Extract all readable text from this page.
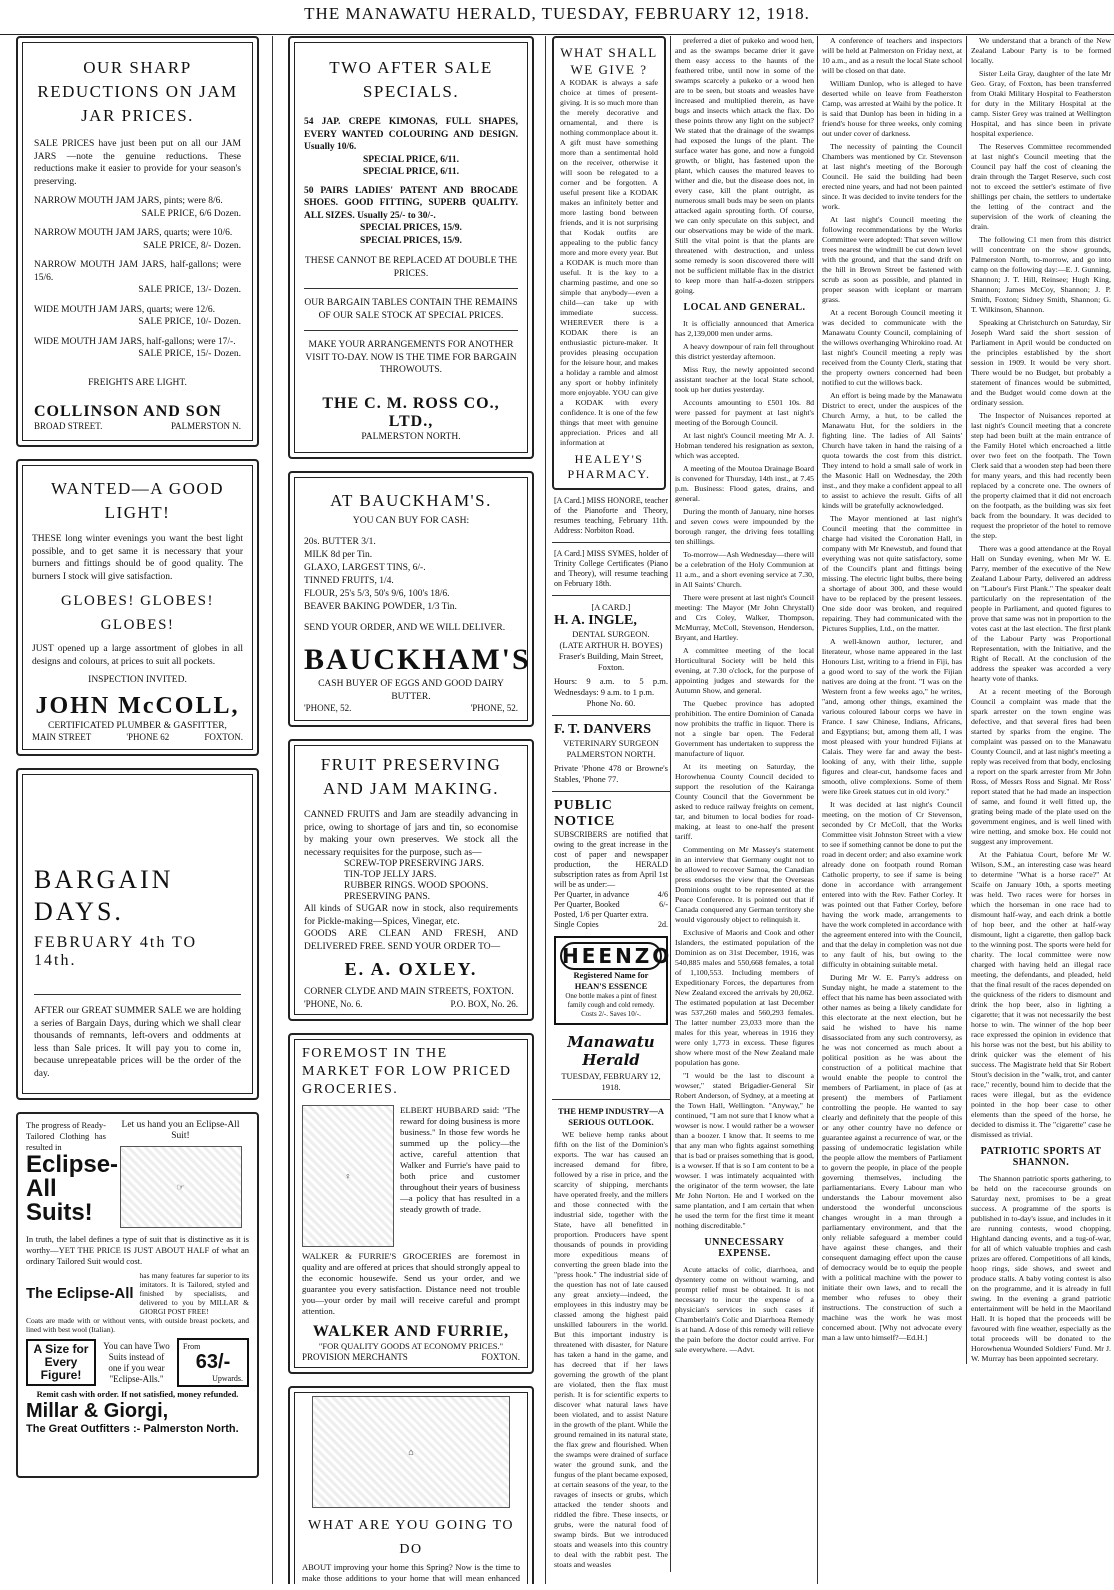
THE MANAWATU HERALD, TUESDAY, FEBRUARY 12, 1918.
OUR SHARP REDUCTIONS ON JAM JAR PRICES.
SALE PRICES have just been put on all our JAM JARS —note the genuine reductions. These reductions make it easier to provide for your season's preserving.
NARROW MOUTH JAM JARS, pints; were 8/6.
SALE PRICE, 6/6 Dozen.
NARROW MOUTH JAM JARS, quarts; were 10/6.
SALE PRICE, 8/- Dozen.
NARROW MOUTH JAM JARS, half-gallons; were 15/6.
SALE PRICE, 13/- Dozen.
WIDE MOUTH JAM JARS, quarts; were 12/6.
SALE PRICE, 10/- Dozen.
WIDE MOUTH JAM JARS, half-gallons; were 17/-.
SALE PRICE, 15/- Dozen.
FREIGHTS ARE LIGHT.
COLLINSON AND SON
BROAD STREET.	PALMERSTON N.
WANTED—A GOOD LIGHT!
THESE long winter evenings you want the best light possible, and to get same it is necessary that your burners and fittings should be of good quality. The burners I stock will give satisfaction.
GLOBES! GLOBES! GLOBES!
JUST opened up a large assortment of globes in all designs and colours, at prices to suit all pockets.
INSPECTION INVITED.
JOHN McCOLL,
CERTIFICATED PLUMBER & GASFITTER,
MAIN STREET	'PHONE 62	FOXTON.
BARGAIN DAYS.
FEBRUARY 4th TO 14th.
AFTER our GREAT SUMMER SALE we are holding a series of Bargain Days, during which we shall clear thousands of remnants, left-overs and oddments at less than Sale prices. It will pay you to come in, because unrepeatable prices will be the order of the day.
The progress of Ready-Tailored Clothing has resulted in
Eclipse-All Suits!
Let us hand you an Eclipse-All Suit!
☞
In truth, the label defines a type of suit that is distinctive as it is worthy—YET THE PRICE IS JUST ABOUT HALF of what an ordinary Tailored Suit would cost.
The Eclipse-All
has many features far superior to its imitators. It is Tailored, styled and finished by specialists, and delivered to you by MILLAR & GIORGI POST FREE!
Coats are made with or without vents, with outside breast pockets, and lined with best wool (Italian).
A Size for Every Figure!
You can have Two Suits instead of one if you wear "Eclipse-Alls."
From
63/-
Upwards.
Remit cash with order. If not satisfied, money refunded.
Millar & Giorgi,
The Great Outfitters :- Palmerston North.
TWO AFTER SALE SPECIALS.
54 JAP. CREPE KIMONAS, FULL SHAPES, EVERY WANTED COLOURING AND DESIGN. Usually 10/6.
SPECIAL PRICE, 6/11.
SPECIAL PRICE, 6/11.
50 PAIRS LADIES' PATENT AND BROCADE SHOES. GOOD FITTING, SUPERB QUALITY. ALL SIZES. Usually 25/- to 30/-.
SPECIAL PRICES, 15/9.
SPECIAL PRICES, 15/9.
THESE CANNOT BE REPLACED AT DOUBLE THE PRICES.
OUR BARGAIN TABLES CONTAIN THE REMAINS OF OUR SALE STOCK AT SPECIAL PRICES.
MAKE YOUR ARRANGEMENTS FOR ANOTHER VISIT TO-DAY. NOW IS THE TIME FOR BARGAIN THROWOUTS.
THE C. M. ROSS CO., LTD.,
PALMERSTON NORTH.
AT BAUCKHAM'S.
YOU CAN BUY FOR CASH:
20s. BUTTER 3/1.
MILK 8d per Tin.
GLAXO, LARGEST TINS, 6/-.
TINNED FRUITS, 1/4.
FLOUR, 25's 5/3, 50's 9/6, 100's 18/6.
BEAVER BAKING POWDER, 1/3 Tin.
SEND YOUR ORDER, AND WE WILL DELIVER.
BAUCKHAM'S
CASH BUYER OF EGGS AND GOOD DAIRY BUTTER.
'PHONE, 52.	'PHONE, 52.
FRUIT PRESERVING AND JAM MAKING.
CANNED FRUITS and Jam are steadily advancing in price, owing to shortage of jars and tin, so economise by making your own preserves. We stock all the necessary requisites for the purpose, such as—
SCREW-TOP PRESERVING JARS.
TIN-TOP JELLY JARS.
RUBBER RINGS. WOOD SPOONS.
PRESERVING PANS.
All kinds of SUGAR now in stock, also requirements for Pickle-making—Spices, Vinegar, etc.
GOODS ARE CLEAN AND FRESH, AND DELIVERED FREE. SEND YOUR ORDER TO—
E. A. OXLEY.
CORNER CLYDE AND MAIN STREETS, FOXTON.
'PHONE, No. 6.	P.O. BOX, No. 26.
FOREMOST IN THE MARKET FOR LOW PRICED GROCERIES.
♀
ELBERT HUBBARD said: "The reward for doing business is more business." In those few words he summed up the policy—the active, careful attention that Walker and Furrie's have paid to both price and customer throughout their years of business—a policy that has resulted in a steady growth of trade.
WALKER & FURRIE'S GROCERIES are foremost in quality and are offered at prices that should strongly appeal to the economic housewife. Send us your order, and we guarantee you every satisfaction. Distance need not trouble you—your order by mail will receive careful and prompt attention.
WALKER AND FURRIE,
"FOR QUALITY GOODS AT ECONOMY PRICES."
PROVISION MERCHANTS	FOXTON.
⌂
WHAT ARE YOU GOING TO DO
ABOUT improving your home this Spring? Now is the time to make those additions to your home that will mean enhanced
WHAT SHALL WE GIVE ?
A KODAK is always a safe choice at times of present-giving. It is so much more than the merely decorative and ornamental, and there is nothing commonplace about it. A gift must have something more than a sentimental hold on the receiver, otherwise it will soon be relegated to a corner and be forgotten. A useful present like a KODAK makes an infinitely better and more lasting bond between friends, and it is not surprising that Kodak outfits are appealing to the public fancy more and more every year. But a KODAK is much more than useful. It is the key to a charming pastime, and one so simple that anybody—even a child—can take up with immediate success. WHEREVER there is a KODAK there is an enthusiastic picture-maker. It provides pleasing occupation for the leisure hour, and makes a holiday a ramble and almost any sport or hobby infinitely more enjoyable. YOU can give a KODAK with every confidence. It is one of the few things that meet with genuine appreciation. Prices and all information at
HEALEY'S PHARMACY.
[A Card.] MISS HONORE, teacher of the Pianoforte and Theory, resumes teaching, February 11th. Address: Norbiton Road.
[A Card.] MISS SYMES, holder of Trinity College Certificates (Piano and Theory), will resume teaching on February 18th.
[A CARD.]
H. A. INGLE,
DENTAL SURGEON.
(LATE ARTHUR H. BOYES)
Fraser's Building, Main Street, Foxton.
Hours: 9 a.m. to 5 p.m. Wednesdays: 9 a.m. to 1 p.m.
Phone No. 60.
F. T. DANVERS
VETERINARY SURGEON
PALMERSTON NORTH.
Private 'Phone 478 or Browne's Stables, 'Phone 77.
PUBLIC NOTICE
SUBSCRIBERS are notified that owing to the great increase in the cost of paper and newspaper production, the HERALD subscription rates as from April 1st will be as under:—
Per Quarter, in advance	4/6
Per Quarter, Booked	6/-
Posted, 1/6 per Quarter extra.
Single Copies	2d.
HEENZO
Registered Name for HEAN'S ESSENCE
One bottle makes a pint of finest family cough and cold remedy. Costs 2/-. Saves 10/-.
Manawatu Herald
TUESDAY, FEBRUARY 12, 1918.
THE HEMP INDUSTRY—A SERIOUS OUTLOOK.
WE believe hemp ranks about fifth on the list of the Dominion's exports. The war has caused an increased demand for fibre, followed by a rise in price, and the scarcity of shipping, merchants have operated freely, and the millers and those connected with the industrial side, together with the State, have all benefitted in proportion. Producers have spent thousands of pounds in providing more expeditious means of converting the green blade into the "press hook." The industrial side of the question has not of late caused any great anxiety—indeed, the employees in this industry may be classed among the highest paid unskilled labourers in the world. But this important industry is threatened with disaster, for Nature has taken a hand in the game, and has decreed that if her laws governing the growth of the plant are violated, then the flax must perish. It is for scientific experts to discover what natural laws have been violated, and to assist Nature in the growth of the plant. While the ground remained in its natural state, the flax grew and flourished. When the swamps were drained of surface water the ground sunk, and the fungus of the plant became exposed, at certain seasons of the year, to the ravages of insects or grubs, which attacked the tender shoots and riddled the fibre. These insects, or grubs, were the natural food of swamp birds. But we introduced stoats and weasels into this country to deal with the rabbit pest. The stoats and weasles
preferred a diet of pukeko and wood hen, and as the swamps became drier it gave them easy access to the haunts of the feathered tribe, until now in some of the swamps scarcely a pukeko or a wood hen are to be seen, but stoats and weasles have increased and multiplied therein, as have bugs and insects which attack the flax. Do these points throw any light on the subject? We stated that the drainage of the swamps had exposed the lungs of the plant. The surface water has gone, and now a fungoid growth, or blight, has fastened upon the plant, which causes the matured leaves to wither and die, but the disease does not, in every case, kill the plant outright, as numerous small buds may be seen on plants attacked again sprouting forth. Of course, we can only speculate on this subject, and our observations may be wide of the mark. Still the vital point is that the plants are threatened with destruction, and unless some remedy is soon discovered there will not be sufficient millable flax in the district to keep more than half-a-dozen strippers going.
LOCAL AND GENERAL.
It is officially announced that America has 2,139,000 men under arms.
A heavy downpour of rain fell throughout this district yesterday afternoon.
Miss Ruy, the newly appointed second assistant teacher at the local State school, took up her duties yesterday.
Accounts amounting to £501 10s. 8d were passed for payment at last night's meeting of the Borough Council.
At last night's Council meeting Mr A. J. Hobman tendered his resignation as sexton, which was accepted.
A meeting of the Moutoa Drainage Board is convened for Thursday, 14th inst., at 7.45 p.m. Business: Flood gates, drains, and general.
During the month of January, nine horses and seven cows were impounded by the borough ranger, the driving fees totalling ten shillings.
To-morrow—Ash Wednesday—there will be a celebration of the Holy Communion at 11 a.m., and a short evening service at 7.30, in All Saints' Church.
There were present at last night's Council meeting: The Mayor (Mr John Chrystall) and Crs Coley, Walker, Thompson, McMurray, McColl, Stevenson, Henderson, Bryant, and Hartley.
A committee meeting of the local Horticultural Society will be held this evening, at 7.30 o'clock, for the purpose of appointing judges and stewards for the Autumn Show, and general.
The Quebec province has adopted prohibition. The entire Dominion of Canada now prohibits the traffic in liquor. There is not a single bar open. The Federal Government has undertaken to suppress the manufacture of liquor.
At its meeting on Saturday, the Horowhenua County Council decided to support the resolution of the Kairanga County Council that the Government be asked to reduce railway freights on cement, tar, and bitumen to local bodies for road-making, at least to one-half the present tariff.
Commenting on Mr Massey's statement in an interview that Germany ought not to be allowed to recover Samoa, the Canadian press endorses the view that the Overseas Dominions ought to be represented at the Peace Conference. It is pointed out that if Canada conquered any German territory she would vigorously object to relinquish it.
Exclusive of Maoris and Cook and other Islanders, the estimated population of the Dominion as on 31st December, 1916, was 540,885 males and 550,668 females, a total of 1,100,553. Including members of Expeditionary Forces, the departures from New Zealand exceed the arrivals by 20,062. The estimated population at last December was 537,260 males and 560,293 females. The latter number 23,033 more than the males for this year, whereas in 1916 they were only 1,773 in excess. These figures show where most of the New Zealand male population has gone.
"I would be the last to discount a wowser," stated Brigadier-General Sir Robert Anderson, of Sydney, at a meeting at the Town Hall, Wellington. "Anyway," he continued, "I am not sure that I know what a wowser is now. I would rather be a wowser than a boozer. I know that. It seems to me that any man who fights against something that is bad or praises something that is good, is a wowser. If that is so I am content to be a wowser. I was intimately acquainted with the originator of the term wowser, the late Mr John Norton. He and I worked on the same plantation, and I am certain that when he used the term for the first time it meant nothing discreditable."
UNNECESSARY EXPENSE.
Acute attacks of colic, diarrhoea, and dysentery come on without warning, and prompt relief must be obtained. It is not necessary to incur the expense of a physician's services in such cases if Chamberlain's Colic and Diarrhoea Remedy is at hand. A dose of this remedy will relieve the pain before the doctor could arrive. For sale everywhere. —Advt.
A conference of teachers and inspectors will be held at Palmerston on Friday next, at 10 a.m., and as a result the local State school will be closed on that date.
William Dunlop, who is alleged to have deserted while on leave from Featherston Camp, was arrested at Waihi by the police. It is said that Dunlop has been in hiding in a friend's house for three weeks, only coming out under cover of darkness.
The necessity of painting the Council Chambers was mentioned by Cr. Stevenson at last night's meeting of the Borough Council. He said the building had been erected nine years, and had not been painted since. It was decided to invite tenders for the work.
At last night's Council meeting the following recommendations by the Works Committee were adopted: That seven willow trees nearest the windmill be cut down level with the ground, and that the sand drift on the hill in Brown Street be fastened with scrub as soon as possible, and planted in proper season with iceplant or marram grass.
At a recent Borough Council meeting it was decided to communicate with the Manawatu County Council, complaining of the willows overhanging Whirokino road. At last night's Council meeting a reply was received from the County Clerk, stating that the property owners concerned had been notified to cut the willows back.
An effort is being made by the Manawatu District to erect, under the auspices of the Church Army, a hut, to be called the Manawatu Hut, for the soldiers in the fighting line. The ladies of All Saints' Church have taken in hand the raising of a quota towards the cost from this district. They intend to hold a small sale of work in the Masonic Hall on Wednesday, the 20th inst., and they make a confident appeal to all to assist to achieve the result. Gifts of all kinds will be gratefully acknowledged.
The Mayor mentioned at last night's Council meeting that the committee in charge had visited the Coronation Hall, in company with Mr Knewstub, and found that everything was not quite satisfactory, some of the Council's plant and fittings being missing. The electric light bulbs, there being a shortage of about 300, and these would have to be replaced by the present lessees. One side door was broken, and required repairing. They had communicated with the Pictures Supplies, Ltd., on the matter.
A well-known author, lecturer, and literateur, whose name appeared in the last Honours List, writing to a friend in Fiji, has a good word to say of the work the Fijian natives are doing at the front. "I was on the Western front a few weeks ago," he writes, "and, among other things, examined the various coloured labour corps we have in France. I saw Chinese, Indians, Africans, and Egyptians; but, among them all, I was most pleased with your hundred Fijians at Calais. They were far and away the best-looking of any, with their lithe, supple figures and clear-cut, handsome faces and smooth, olive complexions. Some of them were like Greek statues cut in old ivory."
It was decided at last night's Council meeting, on the motion of Cr Stevenson, seconded by Cr McColl, that the Works Committee visit Johnston Street with a view to see if something cannot be done to put the road in decent order; and also examine work already done on footpath round Roman Catholic property, to see if same is being done in accordance with arrangement entered into with the Rev. Father Corley. It was pointed out that Father Corley, before having the work made, arrangements to have the work completed in accordance with the agreement entered into with the Council, and that the delay in completion was not due to any fault of his, but owing to the difficulty in obtaining suitable metal.
During Mr W. E. Parry's address on Sunday night, he made a statement to the effect that his name has been associated with other names as being a likely candidate for this electorate at the next election, but he said he wished to have his name disassociated from any such controversy, as he was not concerned as much about a political position as he was about the construction of a political machine that would enable the people to control the members of Parliament, in place of (as at present) the members of Parliament controlling the people. He wanted to say clearly and definitely that the people of this or any other country have no defence or guarantee against a recurrence of war, or the passing of undemocratic legislation while the people allow the members of Parliament to govern the people, in place of the people governing themselves, including the parliamentarians. Every Labour man who understands the Labour movement also understood the wonderful unconscious changes wrought in a man through a parliamentary environment, and that the only reliable safeguard a member could have against these changes, and their consequent damaging effect upon the cause of democracy would be to equip the people with a political machine with the power to initiate their own laws, and to recall the member who refuses to obey their instructions. The construction of such a machine was the work he was most concerned about. [Why not advocate every man a law unto himself?—Ed.H.]
We understand that a branch of the New Zealand Labour Party is to be formed locally.
Sister Leila Gray, daughter of the late Mr Geo. Gray, of Foxton, has been transferred from Otaki Military Hospital to Featherston for duty in the Military Hospital at the camp. Sister Grey was trained at Wellington Hospital, and has since been in private hospital experience.
The Reserves Committee recommended at last night's Council meeting that the Council pay half the cost of cleaning the drain through the Target Reserve, such cost not to exceed the settler's estimate of five shillings per chain, the settlers to undertake the letting of the contract and the supervision of the work of cleaning the drain.
The following C1 men from this district will concentrate on the show grounds, Palmerston North, to-morrow, and go into camp on the following day:—E. J. Gunning, Shannon; J. T. Hill, Reinsee; Hugh King, Shannon; James McCoy, Shannon; J. P. Smith, Foxton; Sidney Smith, Shannon; G. T. Wilkinson, Shannon.
Speaking at Christchurch on Saturday, Sir Joseph Ward said the short session of Parliament in April would be conducted on the principles established by the short session in 1909. It would be very short. There would be no Budget, but probably a statement of finances would be submitted, and the Budget would come down at the ordinary session.
The Inspector of Nuisances reported at last night's Council meeting that a concrete step had been built at the main entrance of the Family Hotel which encroached a little over two feet on the footpath. The Town Clerk said that a wooden step had been there for many years, and this had recently been replaced by a concrete one. The owners of the property claimed that it did not encroach on the footpath, as the building was six feet back from the boundary. It was decided to request the proprietor of the hotel to remove the step.
There was a good attendance at the Royal Hall on Sunday evening, when Mr W. E. Parry, member of the executive of the New Zealand Labour Party, delivered an address on "Labour's First Plank." The speaker dealt particularly on the representation of the people in Parliament, and quoted figures to prove that same was not in proportion to the votes cast at the last election. The first plank of the Labour Party was Proportional Representation, with the Initiative, and the Right of Recall. At the conclusion of the address the speaker was accorded a very hearty vote of thanks.
At a recent meeting of the Borough Council a complaint was made that the spark arrester on the town engine was defective, and that several fires had been started by sparks from the engine. The complaint was passed on to the Manawatu County Council, and at last night's meeting a reply was received from that body, enclosing a report on the spark arrester from Mr John Ross, of Messrs Ross and Signal. Mr Ross' report stated that he had made an inspection of same, and found it well fitted up, the grating being made of the plate used on the government engines, and is well lined with wire netting, and smoke box. He could not suggest any improvement.
At the Pahiatua Court, before Mr W. Wilson, S.M., an interesting case was heard to determine "What is a horse race?" At Scaife on January 10th, a sports meeting was held. Two races were for horses in which the horseman in one race had to dismount half-way, and each drink a bottle of hop beer, and the other at half-way dismount, light a cigarette, then gallop back to the winning post. The sports were held for charity. The local committee were now charged with having held an illegal race meeting, the defendants, and pleaded, held that the final result of the races depended on the quickness of the riders to dismount and drink the hop beer, also in lighting a cigarette; that it was not necessarily the best horse to win. The winner of the hop beer race expressed the opinion in evidence that his horse was not the best, but his ability to drink quicker was the element of his success. The Magistrate held that Sir Robert Stout's decision in the "walk, trot, and canter race," recently, bound him to decide that the races were illegal, but as the evidence pointed in the hop beer case to other elements than the speed of the horse, he decided to dismiss it. The "cigarette" case he dismissed as trivial.
PATRIOTIC SPORTS AT SHANNON.
The Shannon patriotic sports gathering, to be held on the racecourse grounds on Saturday next, promises to be a great success. A programme of the sports is published in to-day's issue, and includes in it are running contests, wood chopping, Highland dancing events, and a tug-of-war, for all of which valuable trophies and cash prizes are offered. Competitions of all kinds, hoop rings, side shows, and sweet and produce stalls. A baby voting contest is also on the programme, and it is already in full swing. In the evening a grand patriotic entertainment will be held in the Maoriland Hall. It is hoped that the proceeds will be favoured with fine weather, especially as the total proceeds will be donated to the Horowhenua Wounded Soldiers' Fund. Mr J. W. Murray has been appointed secretary.
